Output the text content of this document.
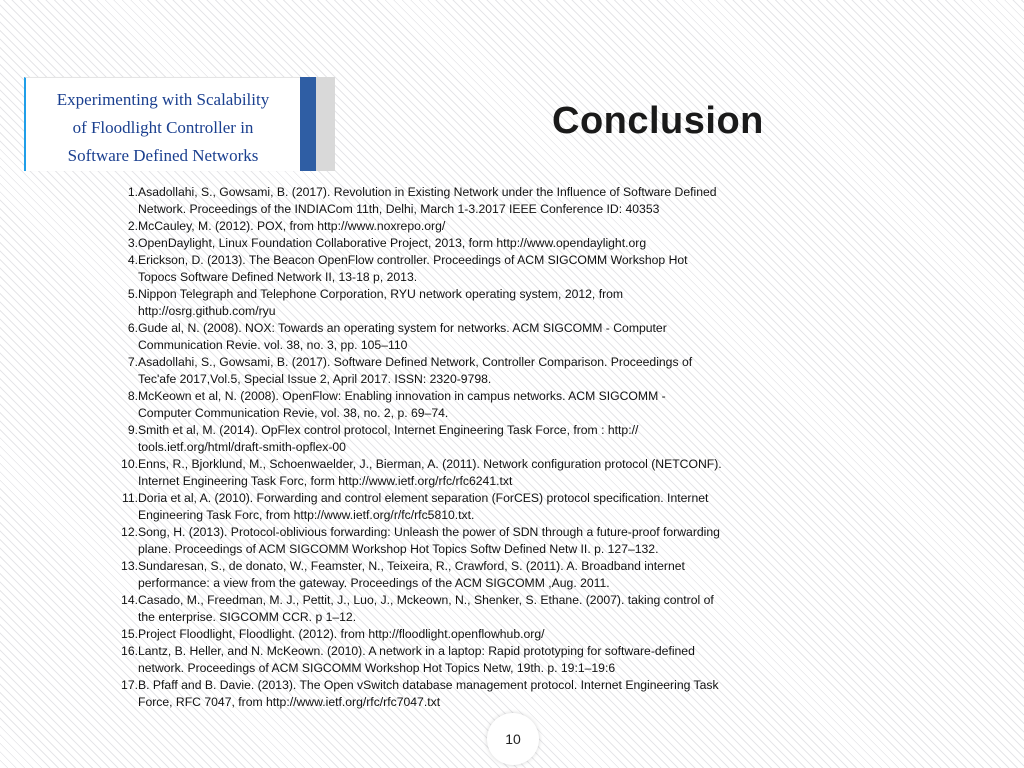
Experimenting with Scalability
of Floodlight Controller in
Software Defined Networks
Conclusion
1. Asadollahi, S., Gowsami, B. (2017). Revolution in Existing Network under the Influence of Software Defined
Network. Proceedings of the INDIACom 11th, Delhi, March 1-3.2017 IEEE Conference ID: 40353
2. McCauley, M. (2012). POX, from http://www.noxrepo.org/
3. OpenDaylight, Linux Foundation Collaborative Project, 2013, form http://www.opendaylight.org
4. Erickson, D. (2013). The Beacon OpenFlow controller. Proceedings of ACM SIGCOMM Workshop Hot
Topocs Software Defined Network II, 13-18 p, 2013.
5. Nippon Telegraph and Telephone Corporation, RYU network operating system, 2012, from
http://osrg.github.com/ryu
6. Gude al, N. (2008). NOX: Towards an operating system for networks. ACM SIGCOMM - Computer
Communication Revie. vol. 38, no. 3, pp. 105–110
7. Asadollahi, S., Gowsami, B. (2017). Software Defined Network, Controller Comparison. Proceedings of
Tec'afe 2017,Vol.5, Special Issue 2, April 2017. ISSN: 2320-9798.
8. McKeown et al, N. (2008). OpenFlow: Enabling innovation in campus networks. ACM SIGCOMM -
Computer Communication Revie, vol. 38, no. 2, p. 69–74.
9. Smith et al, M. (2014). OpFlex control protocol, Internet Engineering Task Force, from : http://
tools.ietf.org/html/draft-smith-opflex-00
10. Enns, R., Bjorklund, M., Schoenwaelder, J., Bierman, A. (2011). Network configuration protocol (NETCONF).
Internet Engineering Task Forc, form http://www.ietf.org/rfc/rfc6241.txt
11. Doria et al, A. (2010). Forwarding and control element separation (ForCES) protocol specification. Internet
Engineering Task Forc, from http://www.ietf.org/r/fc/rfc5810.txt.
12. Song, H. (2013). Protocol-oblivious forwarding: Unleash the power of SDN through a future-proof forwarding
plane. Proceedings of ACM SIGCOMM Workshop Hot Topics Softw Defined Netw II. p. 127–132.
13. Sundaresan, S., de donato, W., Feamster, N., Teixeira, R., Crawford, S. (2011). A. Broadband internet
performance: a view from the gateway. Proceedings of the ACM SIGCOMM ,Aug. 2011.
14. Casado, M., Freedman, M. J., Pettit, J., Luo, J., Mckeown, N., Shenker, S. Ethane. (2007). taking control of
the enterprise. SIGCOMM CCR. p 1–12.
15. Project Floodlight, Floodlight. (2012). from http://floodlight.openflowhub.org/
16. Lantz, B. Heller, and N. McKeown. (2010). A network in a laptop: Rapid prototyping for software-defined
network. Proceedings of ACM SIGCOMM Workshop Hot Topics Netw, 19th. p. 19:1–19:6
17. B. Pfaff and B. Davie. (2013). The Open vSwitch database management protocol. Internet Engineering Task
Force, RFC 7047, from http://www.ietf.org/rfc/rfc7047.txt
10
